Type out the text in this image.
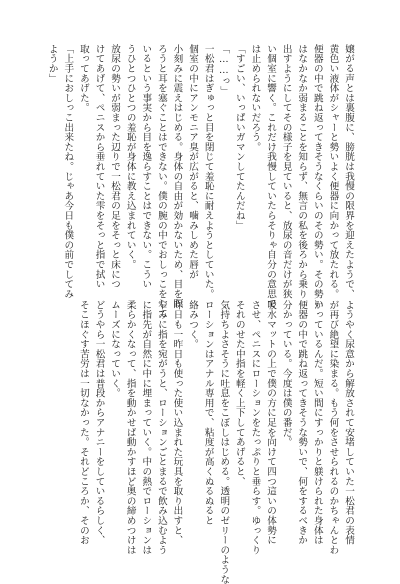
嬢がる声とは裏腹に、膀胱は我慢の限界を迎えたようで、
黄色い液体がシャーと勢いよく便器に向かって放たれる。
便器の中で跳ね返ってきそうなくらいのその勢い。その勢い
はなかなか弱まることを知らず、無言の私を後ろから乗り
出すようにしてその様子を見ていると、放尿の音だけが狭
い個室に響く。これだけ我慢していたらそりゃ自分の意思で
は止められないだろう。
「すごい、いっぱいガマンしてたんだね」
「……っ」
一松君はぎゅっと目を閉じて羞恥に耐えようとしていた。
個室の中にアンモニア臭が広がると、噛みしめた唇が
小刻みに震えはじめる。身体の自由が効かないため、目を瞑
ろうと耳を塞ぐことはできない。僕の腕の中でおしっこをして
いるという事実から目を逸らすことはできない。こうい
うひとつひとつの羞恥が身体に教え込まれていく。
放尿の勢いが弱まった辺りで一松君の足をそっと床につ
けてあげて、ペニスから垂れていた雫をそっと指で拭い
取ってあげた。
「上手におしっこ出来たね。じゃあ今日も僕の前でしてみ
ようか」
ようやく尿意から解放されて安堵していた一松君の表情
が再び絶望に染まる。もう何をさせられるのかちゃんとわ
かっているんだ。短い間にすっかりと躾けられた身体は
便器の中で跳ね返ってきそうな勢いで、何をするべきか
分かっている。今度は僕の番だ。
吸水マットの上で僕の方に足を向けて四つ這いの体勢に
させ、ペニスにローションをたっぷりと垂らす。ゆっくり
それのせた中指を軽く上下してあげると、
気持ちよさそうに吐息をこぼしはじめる。透明のゼリーのような
ローションはアナル専用で、粘度が高くぬるぬると
絡みつく。
昨日も一昨日も使った使い込まれた玩具を取り出すと、
窄みに指を宛がうと、ローションごとまるで飲み込むよう
に指先が自然に中に埋まっていく。中の熱でローションは
柔らかくなって、指を動かせば動かすほど奥の締めつけは
ムーズになっていく。
どうやら一松君は普段からアナニーをしているらしく、
そこほぐす苦労は一切なかった。それどころか、そのお
